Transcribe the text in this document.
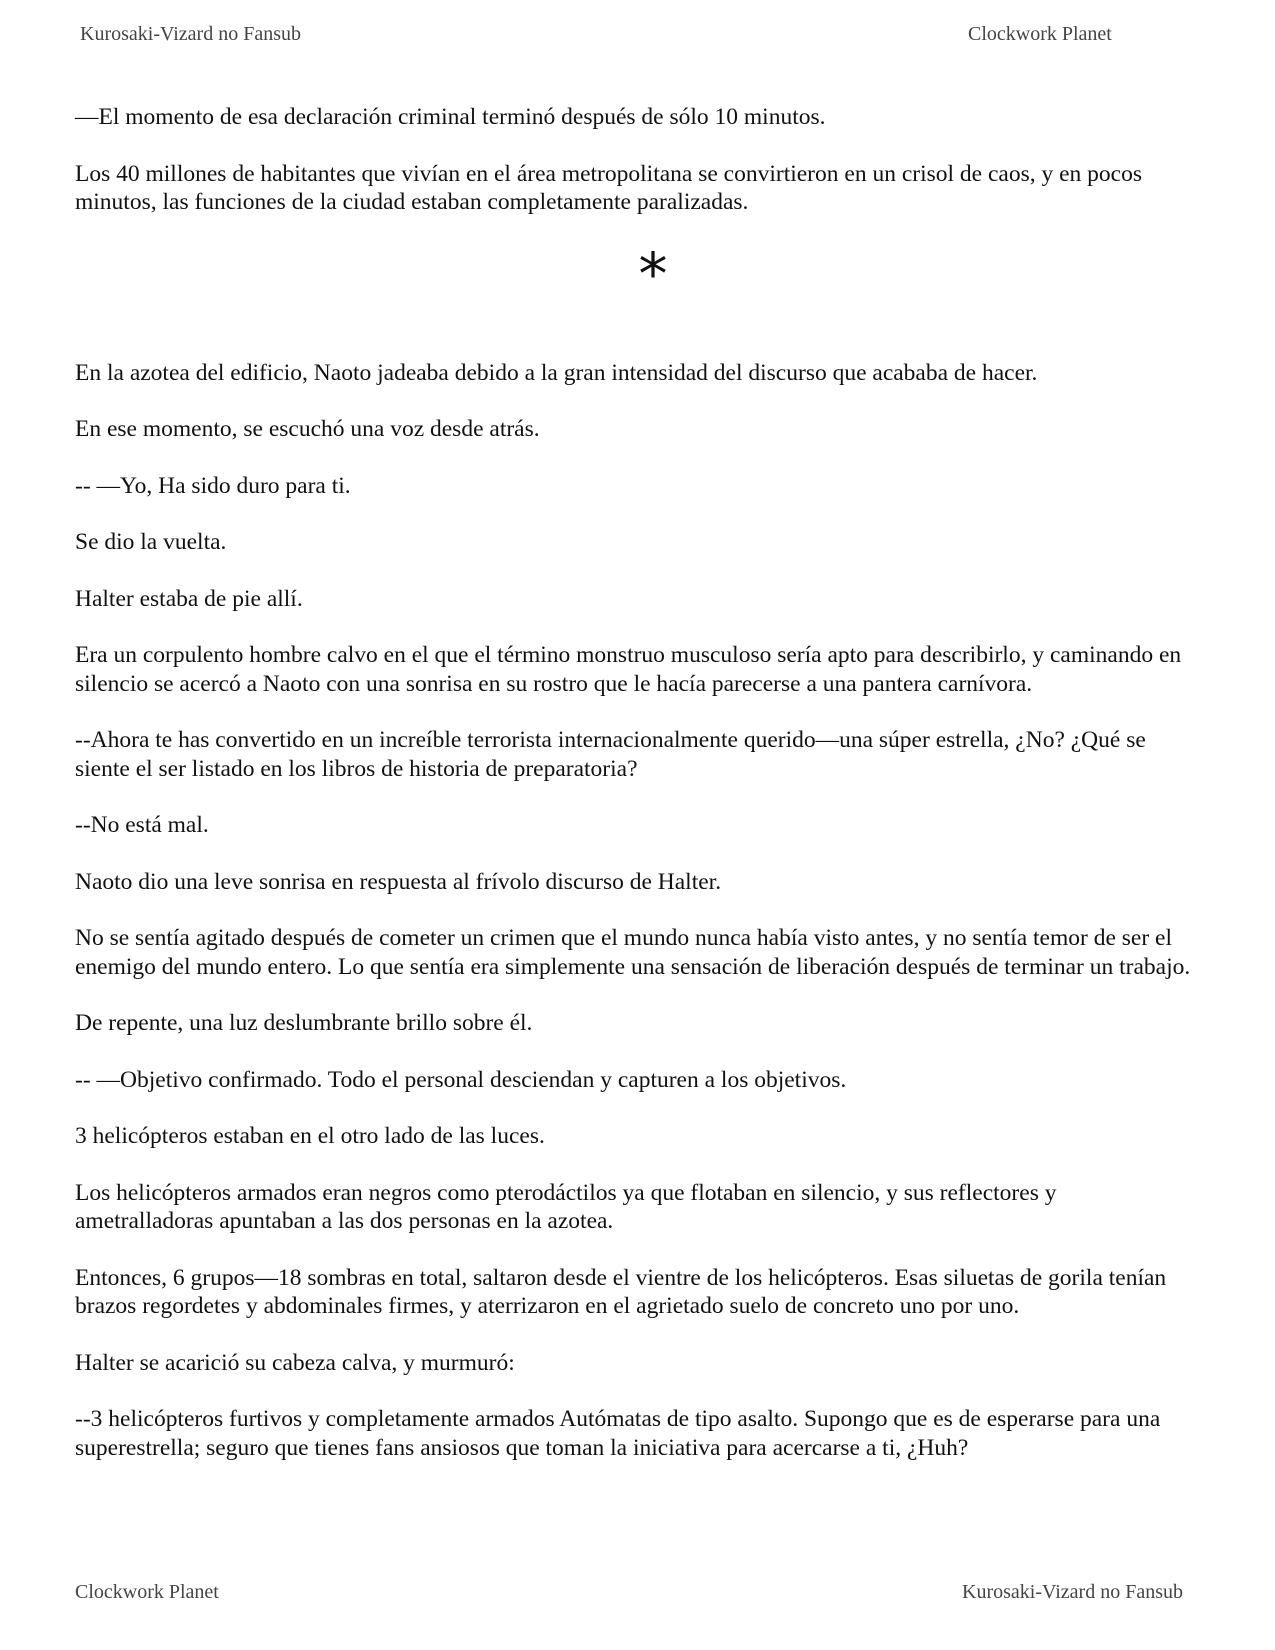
Kurosaki-Vizard no Fansub	Clockwork Planet

—El momento de esa declaración criminal terminó después de sólo 10 minutos.

Los 40 millones de habitantes que vivían en el área metropolitana se convirtieron en un crisol de caos, y en pocos minutos, las funciones de la ciudad estaban completamente paralizadas.

*

En la azotea del edificio, Naoto jadeaba debido a la gran intensidad del discurso que acababa de hacer.

En ese momento, se escuchó una voz desde atrás.

-- —Yo, Ha sido duro para ti.

Se dio la vuelta.

Halter estaba de pie allí.

Era un corpulento hombre calvo en el que el término monstruo musculoso sería apto para describirlo, y caminando en silencio se acercó a Naoto con una sonrisa en su rostro que le hacía parecerse a una pantera carnívora.

--Ahora te has convertido en un increíble terrorista internacionalmente querido—una súper estrella, ¿No? ¿Qué se siente el ser listado en los libros de historia de preparatoria?

--No está mal.

Naoto dio una leve sonrisa en respuesta al frívolo discurso de Halter.

No se sentía agitado después de cometer un crimen que el mundo nunca había visto antes, y no sentía temor de ser el enemigo del mundo entero. Lo que sentía era simplemente una sensación de liberación después de terminar un trabajo.

De repente, una luz deslumbrante brillo sobre él.

-- —Objetivo confirmado. Todo el personal desciendan y capturen a los objetivos.

3 helicópteros estaban en el otro lado de las luces.

Los helicópteros armados eran negros como pterodáctilos ya que flotaban en silencio, y sus reflectores y ametralladoras apuntaban a las dos personas en la azotea.

Entonces, 6 grupos—18 sombras en total, saltaron desde el vientre de los helicópteros. Esas siluetas de gorila tenían brazos regordetes y abdominales firmes, y aterrizaron en el agrietado suelo de concreto uno por uno.

Halter se acarició su cabeza calva, y murmuró:

--3 helicópteros furtivos y completamente armados Autómatas de tipo asalto. Supongo que es de esperarse para una superestrella; seguro que tienes fans ansiosos que toman la iniciativa para acercarse a ti, ¿Huh?

Clockwork Planet	Kurosaki-Vizard no Fansub
